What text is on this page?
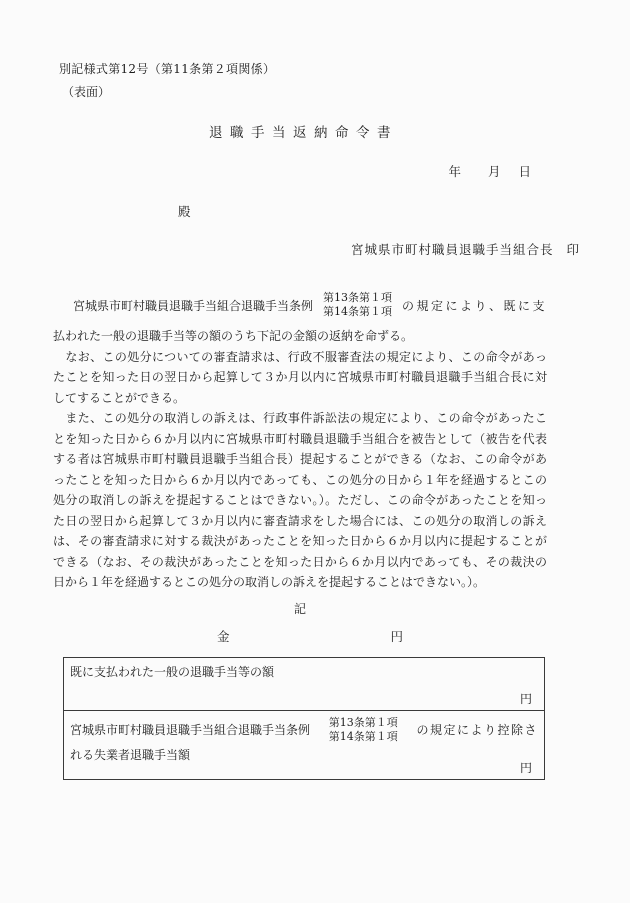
別記様式第12号（第11条第２項関係）
（表面）
退職手当返納命令書
年 月 日
殿
宮城県市町村職員退職手当組合長 印
宮城県市町村職員退職手当組合退職手当条例
第13条第１項
第14条第１項 の規定により、既に支
払われた一般の退職手当等の額のうち下記の金額の返納を命ずる。
　なお、この処分についての審査請求は、行政不服審査法の規定により、この命令があっ
たことを知った日の翌日から起算して３か月以内に宮城県市町村職員退職手当組合長に対
してすることができる。
　また、この処分の取消しの訴えは、行政事件訴訟法の規定により、この命令があったこ
とを知った日から６か月以内に宮城県市町村職員退職手当組合を被告として（被告を代表
する者は宮城県市町村職員退職手当組合長）提起することができる（なお、この命令があ
ったことを知った日から６か月以内であっても、この処分の日から１年を経過するとこの
処分の取消しの訴えを提起することはできない。）。ただし、この命令があったことを知っ
た日の翌日から起算して３か月以内に審査請求をした場合には、この処分の取消しの訴え
は、その審査請求に対する裁決があったことを知った日から６か月以内に提起することが
できる（なお、その裁決があったことを知った日から６か月以内であっても、その裁決の
日から１年を経過するとこの処分の取消しの訴えを提起することはできない。）。
記
金	円
既に支払われた一般の退職手当等の額
円
宮城県市町村職員退職手当組合退職手当条例
第13条第１項
第14条第１項 の規定により控除さ
れる失業者退職手当額
円
